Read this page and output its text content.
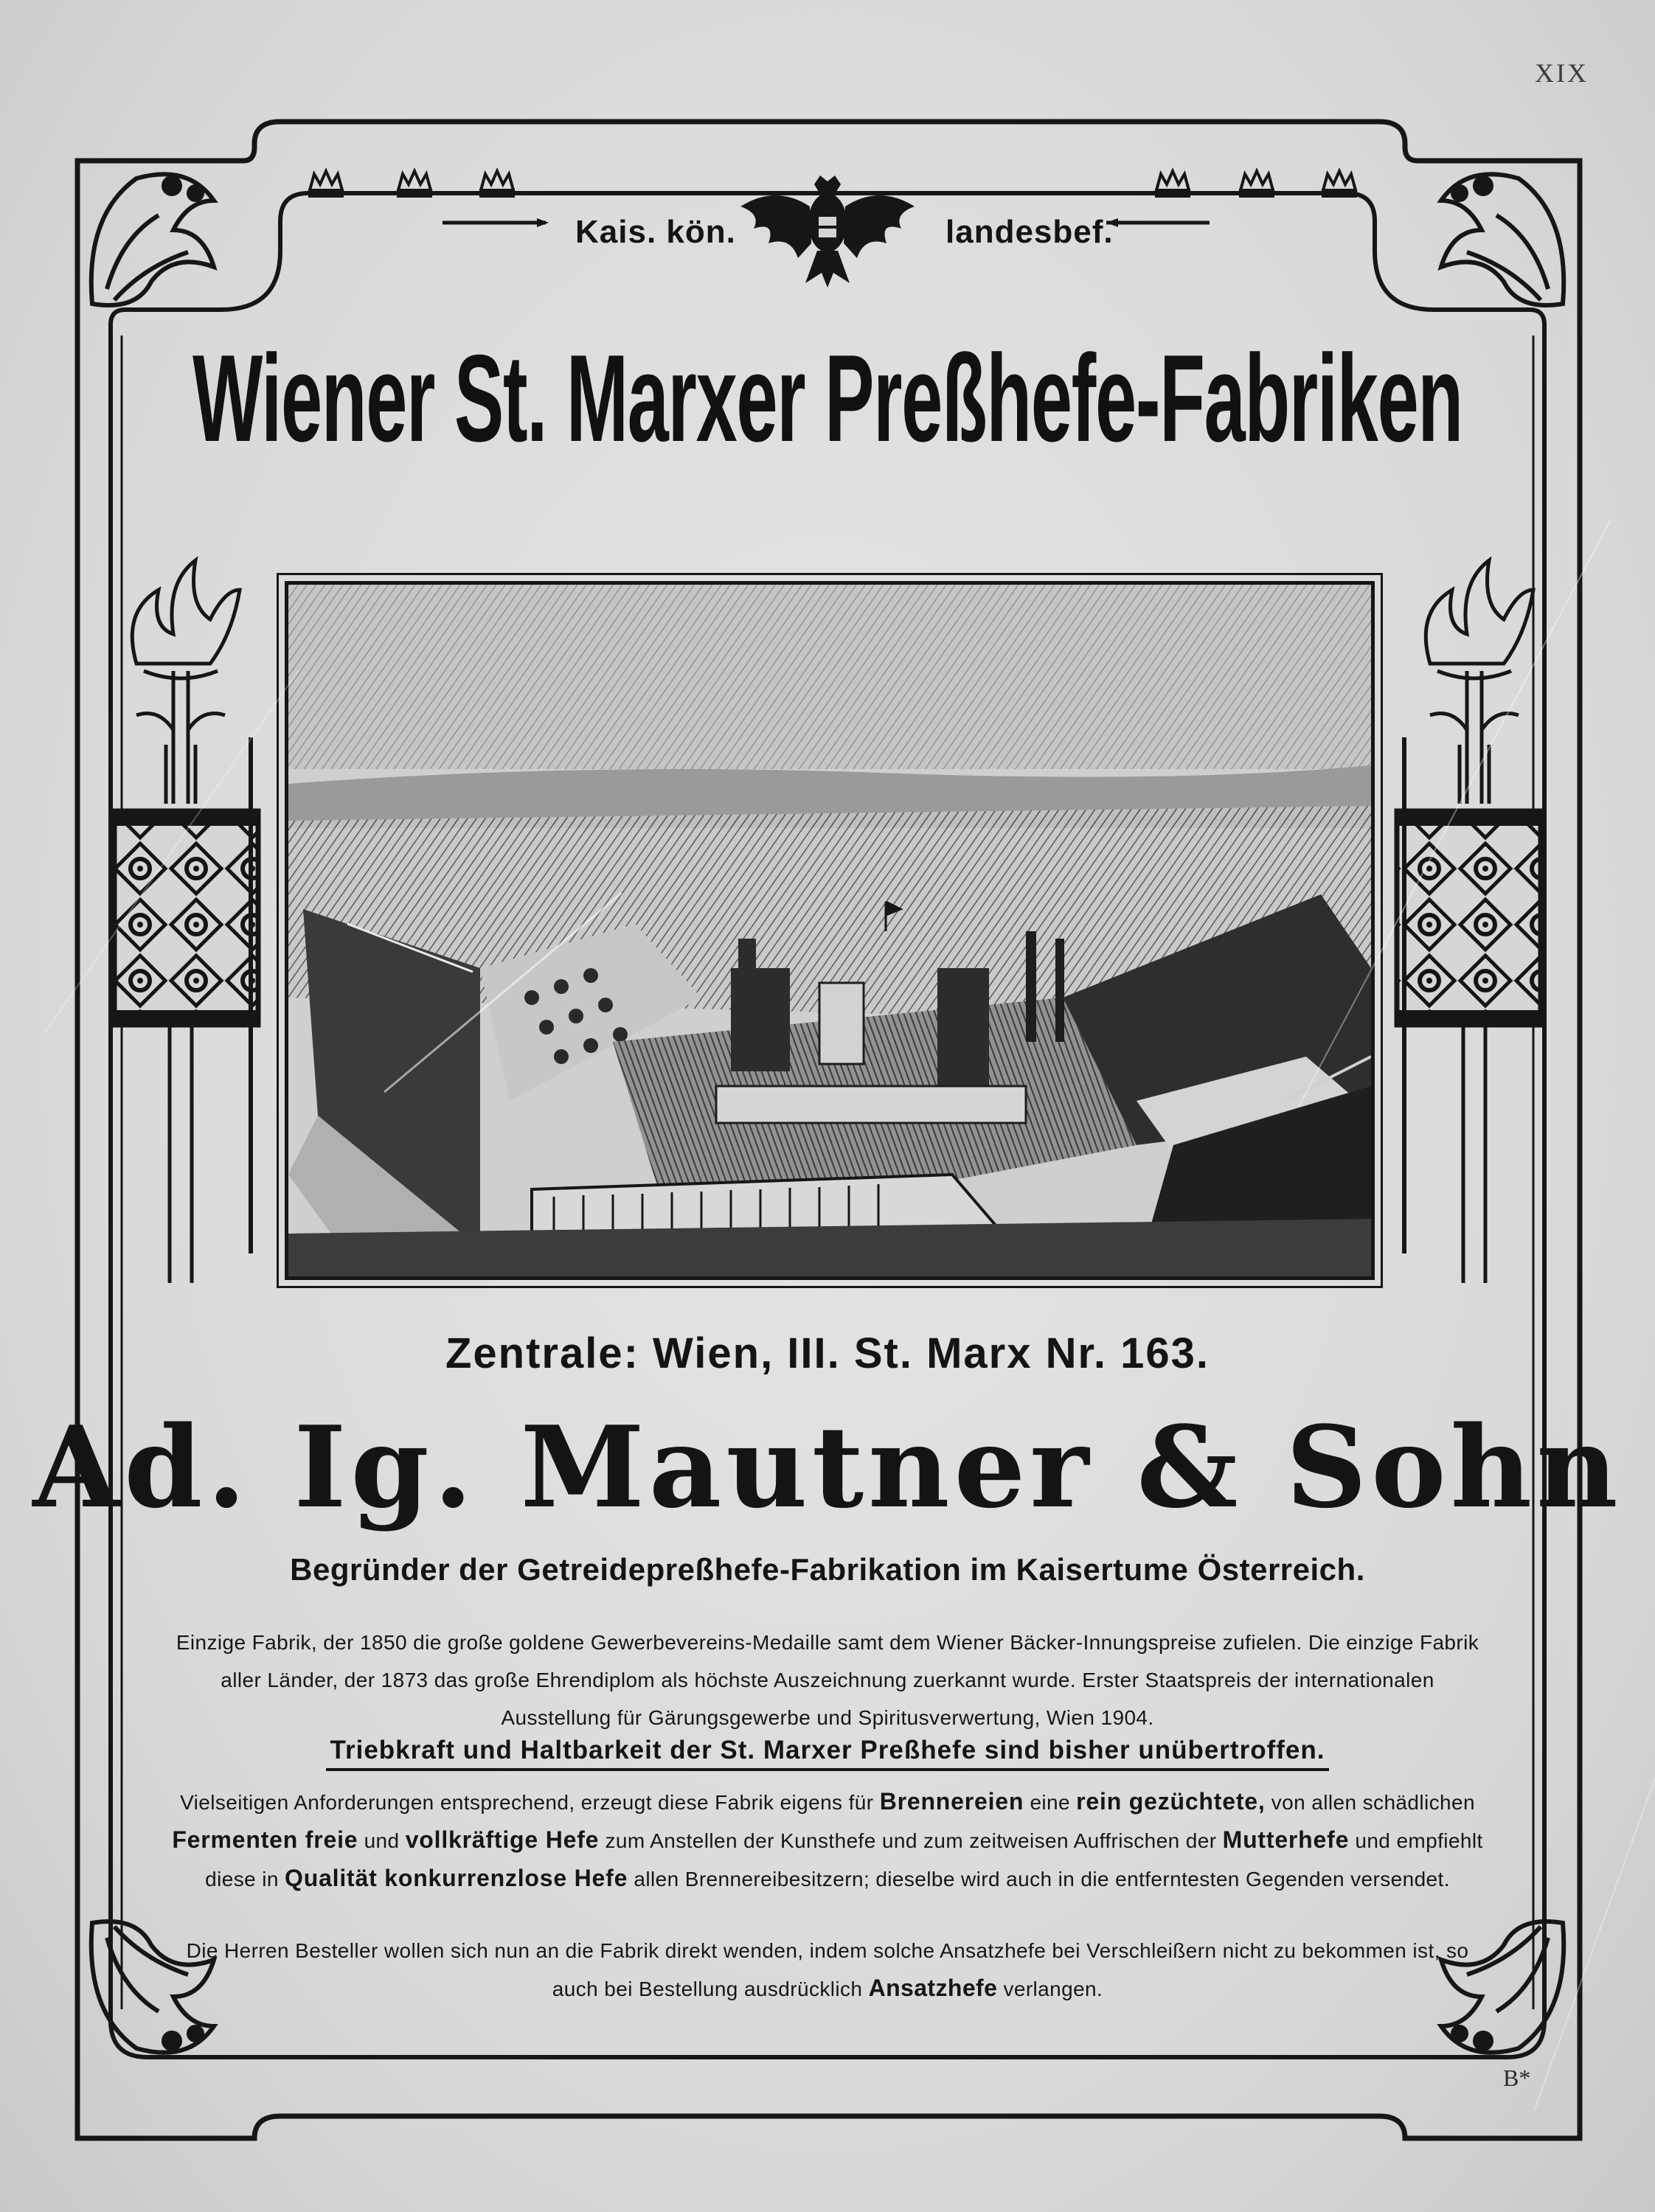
XIX
Kais. kön.	landesbef.
Wiener St. Marxer Preßhefe-Fabriken
Zentrale: Wien, III. St. Marx Nr. 163.
Ad. Ig. Mautner & Sohn
Begründer der Getreidepreßhefe-Fabrikation im Kaisertume Österreich.
Einzige Fabrik, der 1850 die große goldene Gewerbevereins-Medaille samt dem Wiener Bäcker-Innungspreise zufielen. Die einzige Fabrik aller Länder, der 1873 das große Ehrendiplom als höchste Auszeichnung zuerkannt wurde. Erster Staatspreis der internationalen Ausstellung für Gärungsgewerbe und Spiritusverwertung, Wien 1904.
Triebkraft und Haltbarkeit der St. Marxer Preßhefe sind bisher unübertroffen.
Vielseitigen Anforderungen entsprechend, erzeugt diese Fabrik eigens für Brennereien eine rein gezüchtete, von allen schädlichen Fermenten freie und vollkräftige Hefe zum Anstellen der Kunsthefe und zum zeitweisen Auffrischen der Mutterhefe und empfiehlt diese in Qualität konkurrenzlose Hefe allen Brennereibesitzern; dieselbe wird auch in die entferntesten Gegenden versendet.
Die Herren Besteller wollen sich nun an die Fabrik direkt wenden, indem solche Ansatzhefe bei Verschleißern nicht zu bekommen ist, so auch bei Bestellung ausdrücklich Ansatzhefe verlangen.
B*
